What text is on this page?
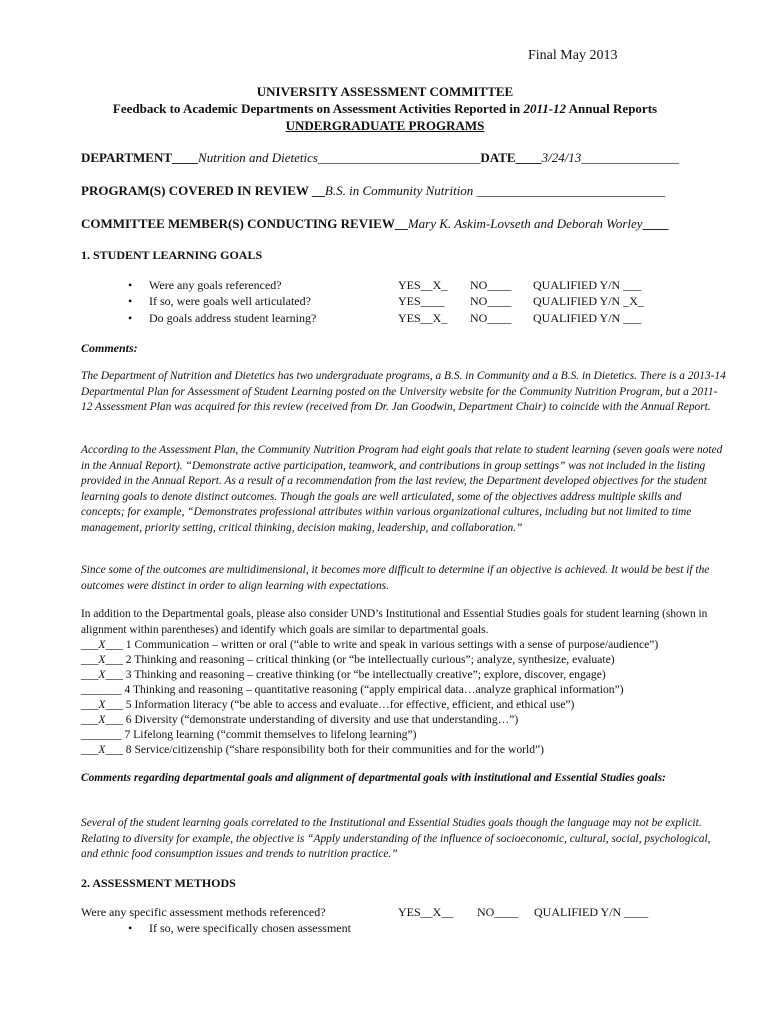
Final May 2013
UNIVERSITY ASSESSMENT COMMITTEE
Feedback to Academic Departments on Assessment Activities Reported in 2011-12 Annual Reports
UNDERGRADUATE PROGRAMS
DEPARTMENT____Nutrition and Dietetics_________________________DATE____3/24/13_______________
PROGRAM(S) COVERED IN REVIEW __B.S. in Community Nutrition _____________________________
COMMITTEE MEMBER(S) CONDUCTING REVIEW__Mary K. Askim-Lovseth and Deborah Worley____
1. STUDENT LEARNING GOALS
• Were any goals referenced?	YES__X_ NO____ QUALIFIED Y/N ___
• If so, were goals well articulated?	YES____ NO____ QUALIFIED Y/N _X_
• Do goals address student learning?	YES__X_ NO____ QUALIFIED Y/N ___
Comments:
The Department of Nutrition and Dietetics has two undergraduate programs, a B.S. in Community and a B.S. in Dietetics. There is a 2013-14 Departmental Plan for Assessment of Student Learning posted on the University website for the Community Nutrition Program, but a 2011-12 Assessment Plan was acquired for this review (received from Dr. Jan Goodwin, Department Chair) to coincide with the Annual Report.
According to the Assessment Plan, the Community Nutrition Program had eight goals that relate to student learning (seven goals were noted in the Annual Report). “Demonstrate active participation, teamwork, and contributions in group settings” was not included in the listing provided in the Annual Report. As a result of a recommendation from the last review, the Department developed objectives for the student learning goals to denote distinct outcomes. Though the goals are well articulated, some of the objectives address multiple skills and concepts; for example, “Demonstrates professional attributes within various organizational cultures, including but not limited to time management, priority setting, critical thinking, decision making, leadership, and collaboration.”
Since some of the outcomes are multidimensional, it becomes more difficult to determine if an objective is achieved. It would be best if the outcomes were distinct in order to align learning with expectations.
In addition to the Departmental goals, please also consider UND’s Institutional and Essential Studies goals for student learning (shown in alignment within parentheses) and identify which goals are similar to departmental goals.
___X___ 1 Communication – written or oral (“able to write and speak in various settings with a sense of purpose/audience”)
___X___ 2 Thinking and reasoning – critical thinking (or “be intellectually curious”; analyze, synthesize, evaluate)
___X___ 3 Thinking and reasoning – creative thinking (or “be intellectually creative”; explore, discover, engage)
_______ 4 Thinking and reasoning – quantitative reasoning (“apply empirical data…analyze graphical information”)
___X___ 5 Information literacy (“be able to access and evaluate…for effective, efficient, and ethical use”)
___X___ 6 Diversity (“demonstrate understanding of diversity and use that understanding…”)
_______ 7 Lifelong learning (“commit themselves to lifelong learning”)
___X___ 8 Service/citizenship (“share responsibility both for their communities and for the world”)
Comments regarding departmental goals and alignment of departmental goals with institutional and Essential Studies goals:
Several of the student learning goals correlated to the Institutional and Essential Studies goals though the language may not be explicit. Relating to diversity for example, the objective is “Apply understanding of the influence of socioeconomic, cultural, social, psychological, and ethnic food consumption issues and trends to nutrition practice.”
2. ASSESSMENT METHODS
Were any specific assessment methods referenced?	YES__X__ NO____ QUALIFIED Y/N ____
• If so, were specifically chosen assessment
